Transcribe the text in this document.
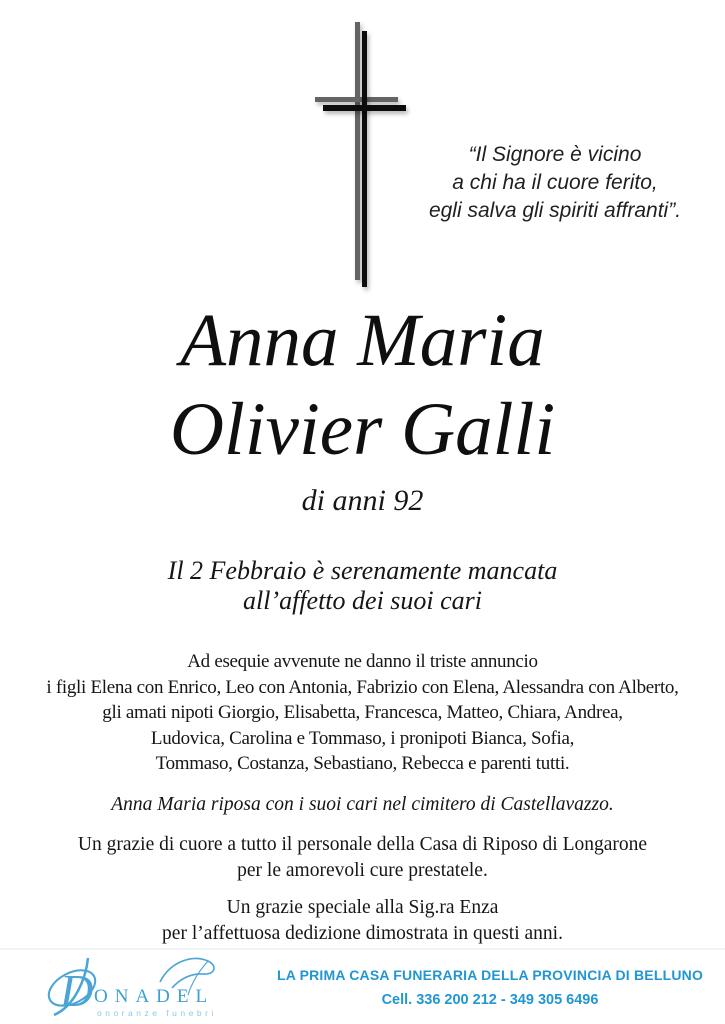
“Il Signore è vicino
a chi ha il cuore ferito,
egli salva gli spiriti affranti”.
Anna Maria
Olivier Galli
di anni 92
Il 2 Febbraio è serenamente mancata
all’affetto dei suoi cari
Ad esequie avvenute ne danno il triste annuncio
i figli Elena con Enrico, Leo con Antonia, Fabrizio con Elena, Alessandra con Alberto,
gli amati nipoti Giorgio, Elisabetta, Francesca, Matteo, Chiara, Andrea,
Ludovica, Carolina e Tommaso, i pronipoti Bianca, Sofia,
Tommaso, Costanza, Sebastiano, Rebecca e parenti tutti.
Anna Maria riposa con i suoi cari nel cimitero di Castellavazzo.
Un grazie di cuore a tutto il personale della Casa di Riposo di Longarone
per le amorevoli cure prestatele.
Un grazie speciale alla Sig.ra Enza
per l’affettuosa dedizione dimostrata in questi anni.
D ONADEL
onoranze funebri
LA PRIMA CASA FUNERARIA DELLA PROVINCIA DI BELLUNO
Cell. 336 200 212 - 349 305 6496
